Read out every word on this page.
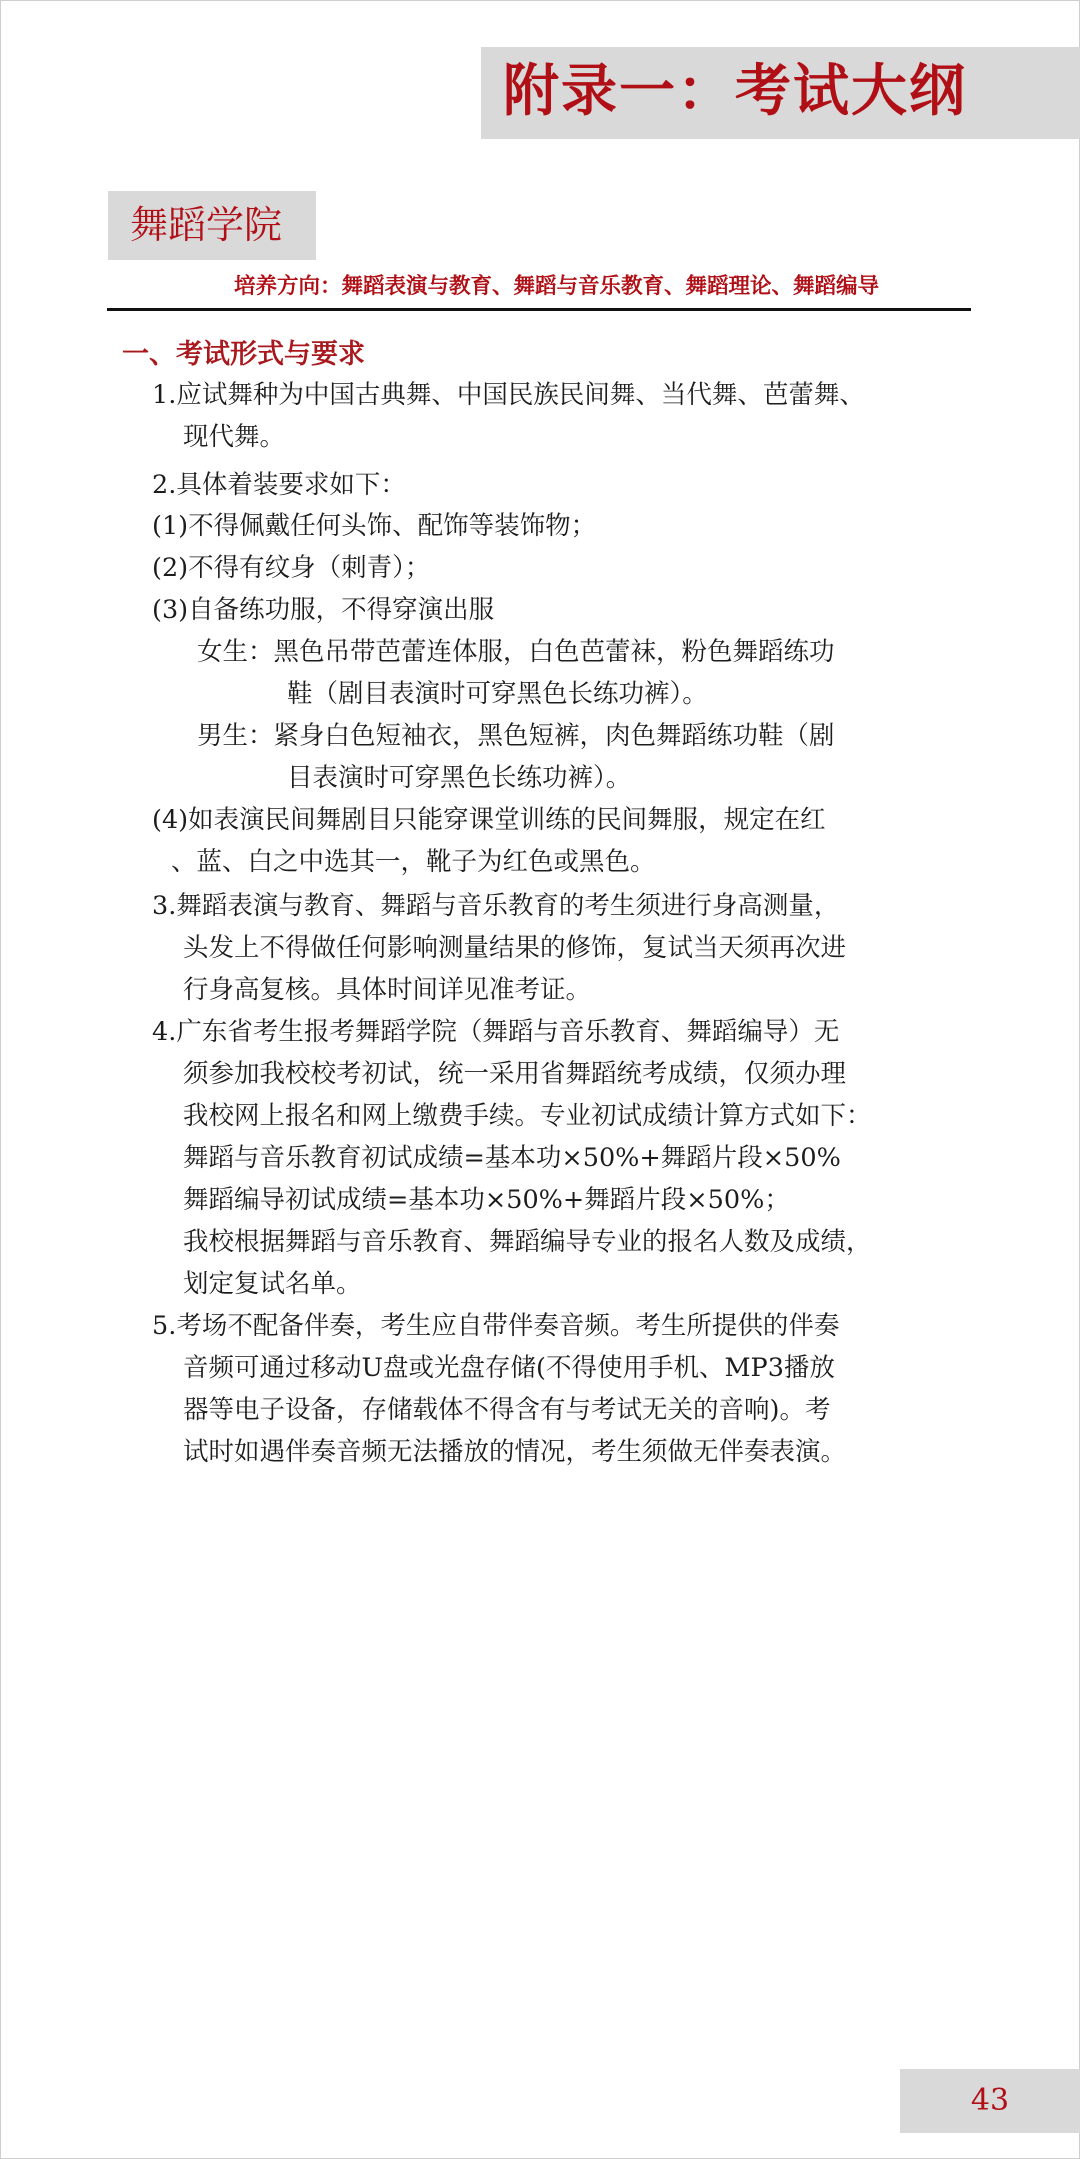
附录一：考试大纲
舞蹈学院
培养方向：舞蹈表演与教育、舞蹈与音乐教育、舞蹈理论、舞蹈编导
一、考试形式与要求
1.应试舞种为中国古典舞、中国民族民间舞、当代舞、芭蕾舞、
现代舞。
2.具体着装要求如下：
(1)不得佩戴任何头饰、配饰等装饰物；
(2)不得有纹身（刺青）；
(3)自备练功服，不得穿演出服
女生：黑色吊带芭蕾连体服，白色芭蕾袜，粉色舞蹈练功
鞋（剧目表演时可穿黑色长练功裤）。
男生：紧身白色短袖衣，黑色短裤，肉色舞蹈练功鞋（剧
目表演时可穿黑色长练功裤）。
(4)如表演民间舞剧目只能穿课堂训练的民间舞服，规定在红
、蓝、白之中选其一，靴子为红色或黑色。
3.舞蹈表演与教育、舞蹈与音乐教育的考生须进行身高测量，
头发上不得做任何影响测量结果的修饰，复试当天须再次进
行身高复核。具体时间详见准考证。
4.广东省考生报考舞蹈学院（舞蹈与音乐教育、舞蹈编导）无
须参加我校校考初试，统一采用省舞蹈统考成绩，仅须办理
我校网上报名和网上缴费手续。专业初试成绩计算方式如下：
舞蹈与音乐教育初试成绩=基本功×50%+舞蹈片段×50%
舞蹈编导初试成绩=基本功×50%+舞蹈片段×50%；
我校根据舞蹈与音乐教育、舞蹈编导专业的报名人数及成绩，
划定复试名单。
5.考场不配备伴奏，考生应自带伴奏音频。考生所提供的伴奏
音频可通过移动U盘或光盘存储(不得使用手机、MP3播放
器等电子设备，存储载体不得含有与考试无关的音响)。考
试时如遇伴奏音频无法播放的情况，考生须做无伴奏表演。
43
